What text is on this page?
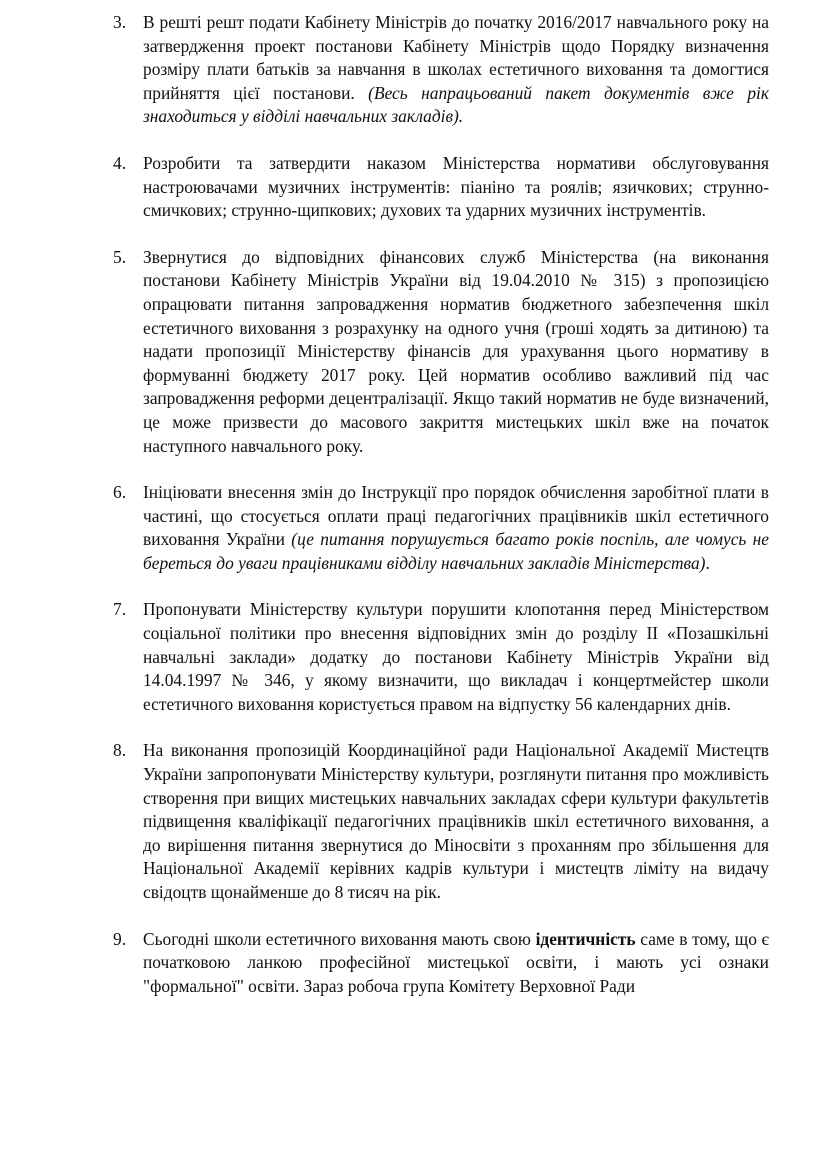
3. В решті решт подати Кабінету Міністрів до початку 2016/2017 навчального року на затвердження проект постанови Кабінету Міністрів щодо Порядку визначення розміру плати батьків за навчання в школах естетичного виховання та домогтися прийняття цієї постанови. (Весь напрацьований пакет документів вже рік знаходиться у відділі навчальних закладів).

4. Розробити та затвердити наказом Міністерства нормативи обслуговування настроювачами музичних інструментів: піаніно та роялів; язичкових; струнно-смичкових; струнно-щипкових; духових та ударних музичних інструментів.

5. Звернутися до відповідних фінансових служб Міністерства (на виконання постанови Кабінету Міністрів України від 19.04.2010 № 315) з пропозицією опрацювати питання запровадження норматив бюджетного забезпечення шкіл естетичного виховання з розрахунку на одного учня (гроші ходять за дитиною) та надати пропозиції Міністерству фінансів для урахування цього нормативу в формуванні бюджету 2017 року. Цей норматив особливо важливий під час запровадження реформи децентралізації. Якщо такий норматив не буде визначений, це може призвести до масового закриття мистецьких шкіл вже на початок наступного навчального року.

6. Ініціювати внесення змін до Інструкції про порядок обчислення заробітної плати в частині, що стосується оплати праці педагогічних працівників шкіл естетичного виховання України (це питання порушується багато років поспіль, але чомусь не береться до уваги працівниками відділу навчальних закладів Міністерства).

7. Пропонувати Міністерству культури порушити клопотання перед Міністерством соціальної політики про внесення відповідних змін до розділу ІІ «Позашкільні навчальні заклади» додатку до постанови Кабінету Міністрів України від 14.04.1997 № 346, у якому визначити, що викладач і концертмейстер школи естетичного виховання користується правом на відпустку 56 календарних днів.

8. На виконання пропозицій Координаційної ради Національної Академії Мистецтв України запропонувати Міністерству культури, розглянути питання про можливість створення при вищих мистецьких навчальних закладах сфери культури факультетів підвищення кваліфікації педагогічних працівників шкіл естетичного виховання, а до вирішення питання звернутися до Міносвіти з проханням про збільшення для Національної Академії керівних кадрів культури і мистецтв ліміту на видачу свідоцтв щонайменше до 8 тисяч на рік.

9. Сьогодні школи естетичного виховання мають свою ідентичність саме в тому, що є початковою ланкою професійної мистецької освіти, і мають усі ознаки "формальної" освіти. Зараз робоча група Комітету Верховної Ради
